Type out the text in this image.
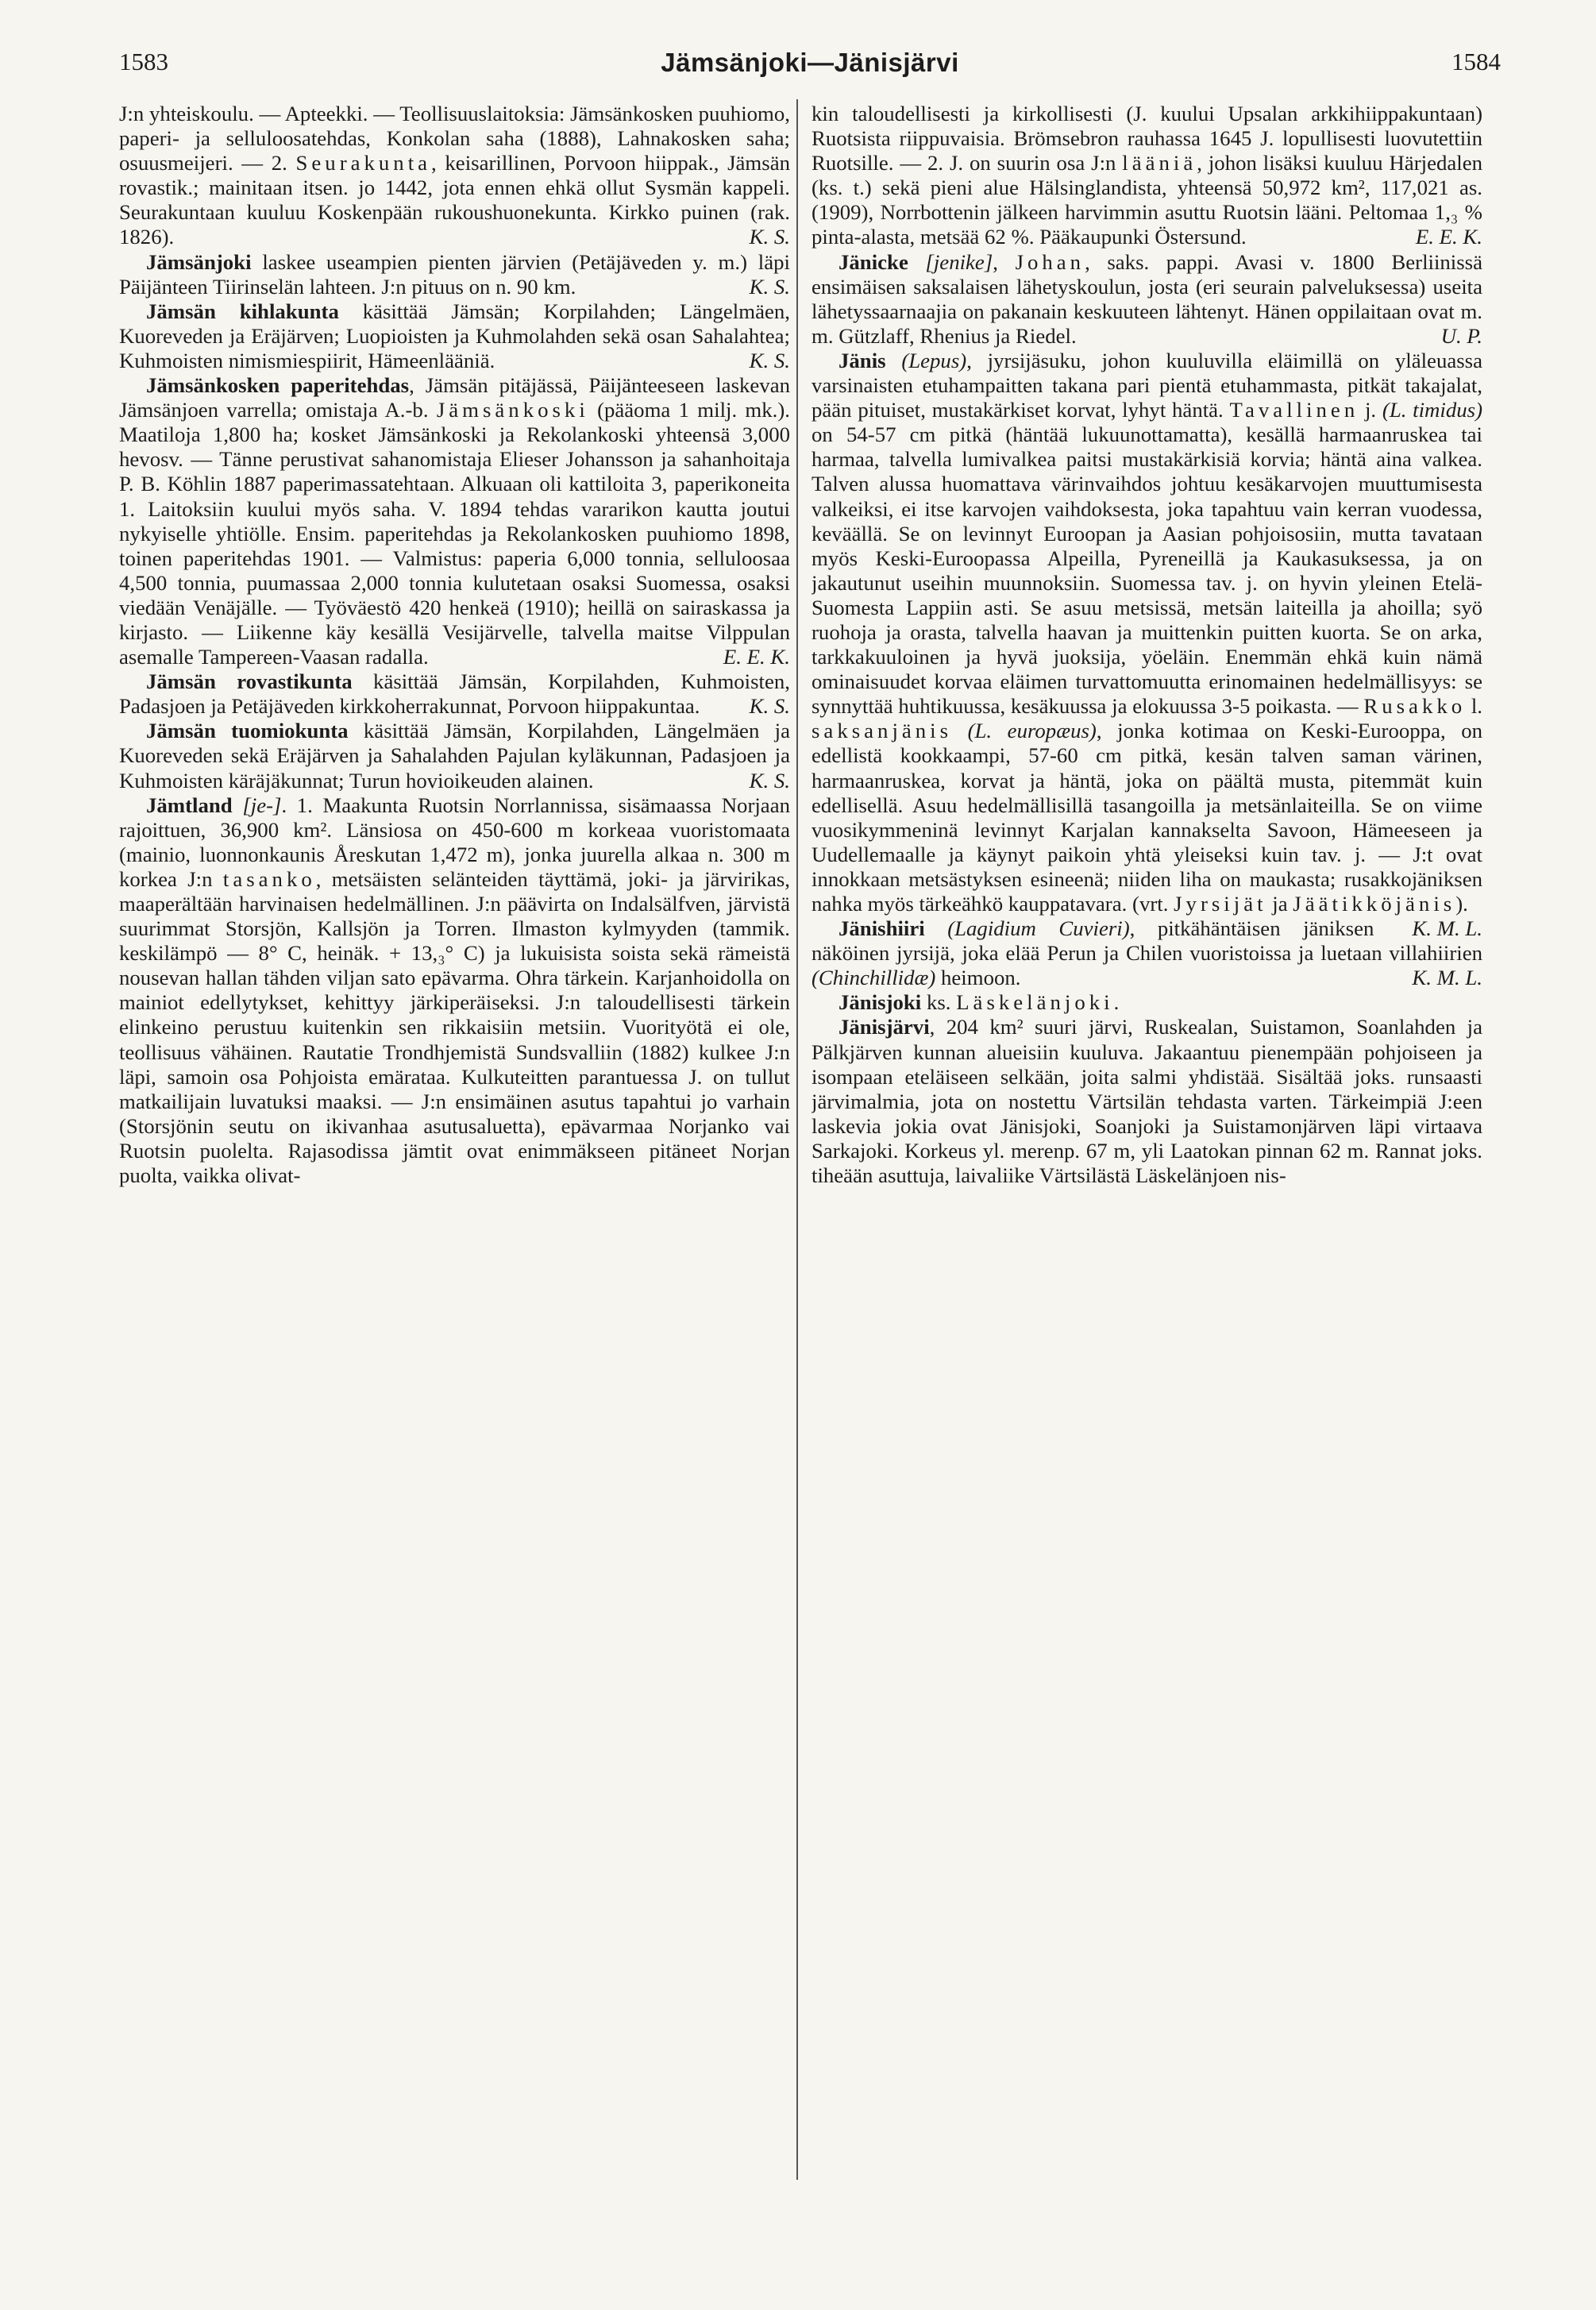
1583	Jämsänjoki—Jänisjärvi	1584

J:n yhteiskoulu. — Apteekki. — Teollisuuslaitoksia: Jämsänkosken puuhiomo, paperi- ja selluloosatehdas, Konkolan saha (1888), Lahnakosken saha; osuusmeijeri. — 2. Seurakunta, keisarillinen, Porvoon hiippak., Jämsän rovastik.; mainitaan itsen. jo 1442, jota ennen ehkä ollut Sysmän kappeli. Seurakuntaan kuuluu Koskenpään rukoushuonekunta. Kirkko puinen (rak. 1826).	K. S.

Jämsänjoki laskee useampien pienten järvien (Petäjäveden y. m.) läpi Päijänteen Tiirinselän lahteen. J:n pituus on n. 90 km.	K. S.

Jämsän kihlakunta käsittää Jämsän; Korpilahden; Längelmäen, Kuoreveden ja Eräjärven; Luopioisten ja Kuhmolahden sekä osan Sahalahtea; Kuhmoisten nimismiespiirit, Hämeenlääniä.	K. S.

Jämsänkosken paperitehdas, Jämsän pitäjässä, Päijänteeseen laskevan Jämsänjoen varrella; omistaja A.-b. Jämsänkoski (pääoma 1 milj. mk.). Maatiloja 1,800 ha; kosket Jämsänkoski ja Rekolankoski yhteensä 3,000 hevosv. — Tänne perustivat sahanomistaja Elieser Johansson ja sahanhoitaja P. B. Köhlin 1887 paperimassatehtaan. Alkuaan oli kattiloita 3, paperikoneita 1. Laitoksiin kuului myös saha. V. 1894 tehdas vararikon kautta joutui nykyiselle yhtiölle. Ensim. paperitehdas ja Rekolankosken puuhiomo 1898, toinen paperitehdas 1901. — Valmistus: paperia 6,000 tonnia, selluloosaa 4,500 tonnia, puumassaa 2,000 tonnia kulutetaan osaksi Suomessa, osaksi viedään Venäjälle. — Työväestö 420 henkeä (1910); heillä on sairaskassa ja kirjasto. — Liikenne käy kesällä Vesijärvelle, talvella maitse Vilppulan asemalle Tampereen-Vaasan radalla.	E. E. K.

Jämsän rovastikunta käsittää Jämsän, Korpilahden, Kuhmoisten, Padasjoen ja Petäjäveden kirkkoherrakunnat, Porvoon hiippakuntaa.	K. S.

Jämsän tuomiokunta käsittää Jämsän, Korpilahden, Längelmäen ja Kuoreveden sekä Eräjärven ja Sahalahden Pajulan kyläkunnan, Padasjoen ja Kuhmoisten käräjäkunnat; Turun hovioikeuden alainen.	K. S.

Jämtland [je-]. 1. Maakunta Ruotsin Norrlannissa, sisämaassa Norjaan rajoittuen, 36,900 km². Länsiosa on 450-600 m korkeaa vuoristomaata (mainio, luonnonkaunis Åreskutan 1,472 m), jonka juurella alkaa n. 300 m korkea J:n tasanko, metsäisten selänteiden täyttämä, joki- ja järvirikas, maaperältään harvinaisen hedelmällinen. J:n päävirta on Indalsälfven, järvistä suurimmat Storsjön, Kallsjön ja Torren. Ilmaston kylmyyden (tammik. keskilämpö — 8° C, heinäk. + 13,₃° C) ja lukuisista soista sekä rämeistä nousevan hallan tähden viljan sato epävarma. Ohra tärkein. Karjanhoidolla on mainiot edellytykset, kehittyy järkiperäiseksi. J:n taloudellisesti tärkein elinkeino perustuu kuitenkin sen rikkaisiin metsiin. Vuorityötä ei ole, teollisuus vähäinen. Rautatie Trondhjemistä Sundsvalliin (1882) kulkee J:n läpi, samoin osa Pohjoista emärataa. Kulkuteitten parantuessa J. on tullut matkailijain luvatuksi maaksi. — J:n ensimäinen asutus tapahtui jo varhain (Storsjönin seutu on ikivanhaa asutusaluetta), epävarmaa Norjanko vai Ruotsin puolelta. Rajasodissa jämtit ovat enimmäkseen pitäneet Norjan puolta, vaikka olivat-

kin taloudellisesti ja kirkollisesti (J. kuului Upsalan arkkihiippakuntaan) Ruotsista riippuvaisia. Brömsebron rauhassa 1645 J. lopullisesti luovutettiin Ruotsille. — 2. J. on suurin osa J:n lääniä, johon lisäksi kuuluu Härjedalen (ks. t.) sekä pieni alue Hälsinglandista, yhteensä 50,972 km², 117,021 as. (1909), Norrbottenin jälkeen harvimmin asuttu Ruotsin lääni. Peltomaa 1,₃ % pinta-alasta, metsää 62 %. Pääkaupunki Östersund.	E. E. K.

Jänicke [jenike], Johan, saks. pappi. Avasi v. 1800 Berliinissä ensimäisen saksalaisen lähetyskoulun, josta (eri seurain palveluksessa) useita lähetyssaarnaajia on pakanain keskuuteen lähtenyt. Hänen oppilaitaan ovat m. m. Gützlaff, Rhenius ja Riedel.	U. P.

Jänis (Lepus), jyrsijäsuku, johon kuuluvilla eläimillä on yläleuassa varsinaisten etuhampaitten takana pari pientä etuhammasta, pitkät takajalat, pään pituiset, mustakärkiset korvat, lyhyt häntä. Tavallinen j. (L. timidus) on 54-57 cm pitkä (häntää lukuunottamatta), kesällä harmaanruskea tai harmaa, talvella lumivalkea paitsi mustakärkisiä korvia; häntä aina valkea. Talven alussa huomattava värinvaihdos johtuu kesäkarvojen muuttumisesta valkeiksi, ei itse karvojen vaihdoksesta, joka tapahtuu vain kerran vuodessa, keväällä. Se on levinnyt Euroopan ja Aasian pohjoisosiin, mutta tavataan myös Keski-Euroopassa Alpeilla, Pyreneillä ja Kaukasuksessa, ja on jakautunut useihin muunnoksiin. Suomessa tav. j. on hyvin yleinen Etelä-Suomesta Lappiin asti. Se asuu metsissä, metsän laiteilla ja ahoilla; syö ruohoja ja orasta, talvella haavan ja muittenkin puitten kuorta. Se on arka, tarkkakuuloinen ja hyvä juoksija, yöeläin. Enemmän ehkä kuin nämä ominaisuudet korvaa eläimen turvattomuutta erinomainen hedelmällisyys: se synnyttää huhtikuussa, kesäkuussa ja elokuussa 3-5 poikasta. — Rusakko l. saksanjänis (L. europæus), jonka kotimaa on Keski-Eurooppa, on edellistä kookkaampi, 57-60 cm pitkä, kesän talven saman värinen, harmaanruskea, korvat ja häntä, joka on päältä musta, pitemmät kuin edellisellä. Asuu hedelmällisillä tasangoilla ja metsänlaiteilla. Se on viime vuosikymmeninä levinnyt Karjalan kannakselta Savoon, Hämeeseen ja Uudellemaalle ja käynyt paikoin yhtä yleiseksi kuin tav. j. — J:t ovat innokkaan metsästyksen esineenä; niiden liha on maukasta; rusakkojäniksen nahka myös tärkeähkö kauppatavara. (vrt. Jyrsijät ja Jäätikköjänis).
K. M. L.

Jänishiiri (Lagidium Cuvieri), pitkähäntäisen jäniksen näköinen jyrsijä, joka elää Perun ja Chilen vuoristoissa ja luetaan villahiirien (Chinchillidæ) heimoon.	K. M. L.

Jänisjoki ks. Läskelänjoki.

Jänisjärvi, 204 km² suuri järvi, Ruskealan, Suistamon, Soanlahden ja Pälkjärven kunnan alueisiin kuuluva. Jakaantuu pienempään pohjoiseen ja isompaan eteläiseen selkään, joita salmi yhdistää. Sisältää joks. runsaasti järvimalmia, jota on nostettu Värtsilän tehdasta varten. Tärkeimpiä J:een laskevia jokia ovat Jänisjoki, Soanjoki ja Suistamonjärven läpi virtaava Sarkajoki. Korkeus yl. merenp. 67 m, yli Laatokan pinnan 62 m. Rannat joks. tiheään asuttuja, laivaliike Värtsilästä Läskelänjoen nis-
